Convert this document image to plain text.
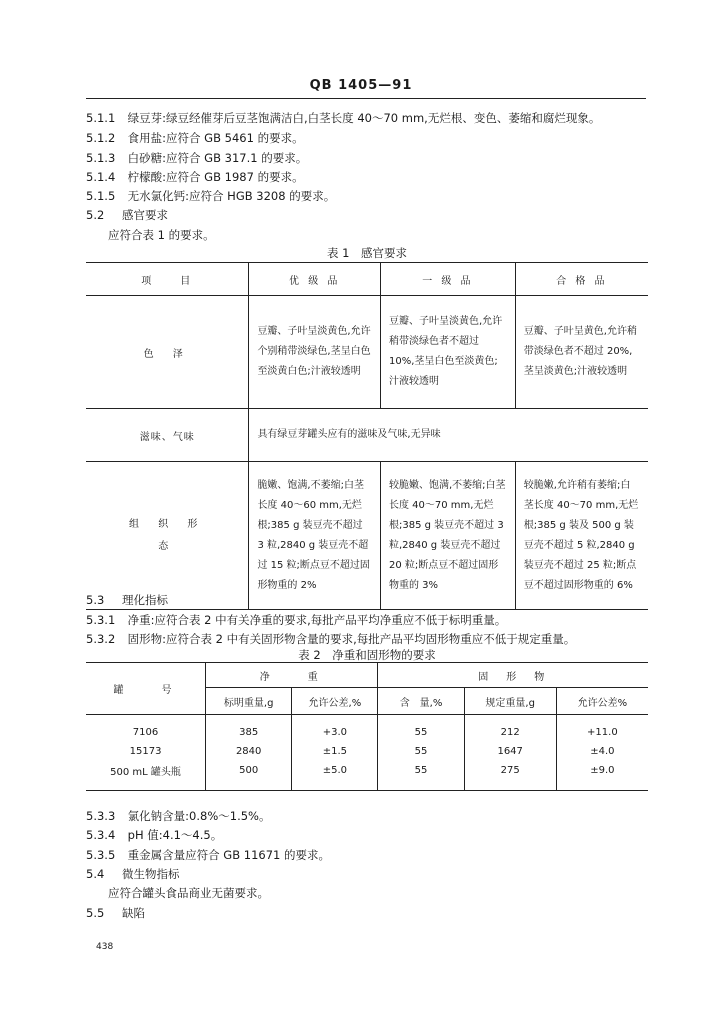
QB 1405—91
5.1.1 绿豆芽:绿豆经催芽后豆茎饱满洁白,白茎长度 40～70 mm,无烂根、变色、萎缩和腐烂现象。
5.1.2 食用盐:应符合 GB 5461 的要求。
5.1.3 白砂糖:应符合 GB 317.1 的要求。
5.1.4 柠檬酸:应符合 GB 1987 的要求。
5.1.5 无水氯化钙:应符合 HGB 3208 的要求。
5.2 感官要求
应符合表 1 的要求。
表 1　感官要求
项　　目	优 级 品	一 级 品	合 格 品
色 泽	豆瓣、子叶呈淡黄色,允许个别稍带淡绿色,茎呈白色至淡黄白色;汁液较透明	豆瓣、子叶呈淡黄色,允许稍带淡绿色者不超过 10%,茎呈白色至淡黄色;汁液较透明	豆瓣、子叶呈黄色,允许稍带淡绿色者不超过 20%,茎呈淡黄色;汁液较透明
滋味、气味	具有绿豆芽罐头应有的滋味及气味,无异味		
组 织 形 态	脆嫩、饱满,不萎缩;白茎长度 40～60 mm,无烂根;385 g 装豆壳不超过 3 粒,2840 g 装豆壳不超过 15 粒;断点豆不超过固形物重的 2%	较脆嫩、饱满,不萎缩;白茎长度 40～70 mm,无烂根;385 g 装豆壳不超过 3 粒,2840 g 装豆壳不超过 20 粒;断点豆不超过固形物重的 3%	较脆嫩,允许稍有萎缩;白茎长度 40～70 mm,无烂根;385 g 装及 500 g 装豆壳不超过 5 粒,2840 g 装豆壳不超过 25 粒;断点豆不超过固形物重的 6%
5.3 理化指标
5.3.1 净重:应符合表 2 中有关净重的要求,每批产品平均净重应不低于标明重量。
5.3.2 固形物:应符合表 2 中有关固形物含量的要求,每批产品平均固形物重应不低于规定重量。
表 2　净重和固形物的要求
罐　　号	净　　重		固　形　物		
	标明重量,g	允许公差,%	含　量,%	规定重量,g	允许公差%
7106	385	+3.0	55	212	+11.0
15173	2840	±1.5	55	1647	±4.0
500 mL 罐头瓶	500	±5.0	55	275	±9.0
5.3.3 氯化钠含量:0.8%～1.5%。
5.3.4 pH 值:4.1～4.5。
5.3.5 重金属含量应符合 GB 11671 的要求。
5.4 微生物指标
应符合罐头食品商业无菌要求。
5.5 缺陷
438
